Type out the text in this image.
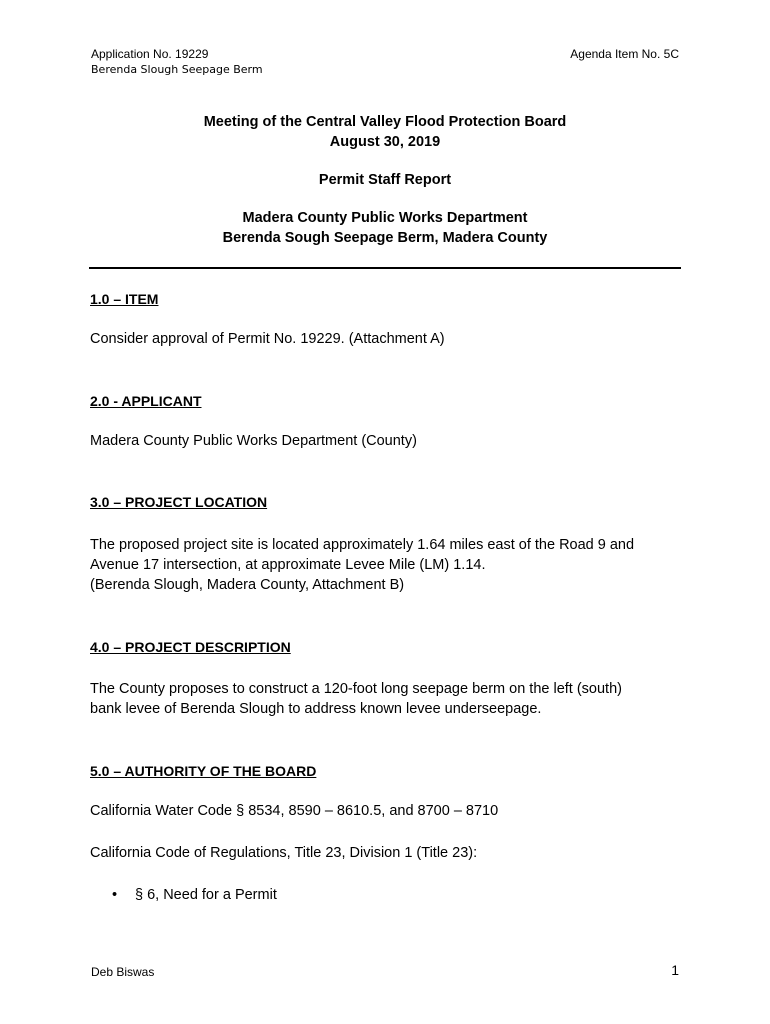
Application No. 19229
Berenda Slough Seepage Berm
Agenda Item No. 5C
Meeting of the Central Valley Flood Protection Board
August 30, 2019
Permit Staff Report
Madera County Public Works Department
Berenda Sough Seepage Berm, Madera County
1.0 – ITEM
Consider approval of Permit No. 19229. (Attachment A)
2.0 - APPLICANT
Madera County Public Works Department (County)
3.0 – PROJECT LOCATION
The proposed project site is located approximately 1.64 miles east of the Road 9 and
Avenue 17 intersection, at approximate Levee Mile (LM) 1.14.
(Berenda Slough, Madera County, Attachment B)
4.0 – PROJECT DESCRIPTION
The County proposes to construct a 120-foot long seepage berm on the left (south)
bank levee of Berenda Slough to address known levee underseepage.
5.0 – AUTHORITY OF THE BOARD
California Water Code § 8534, 8590 – 8610.5, and 8700 – 8710
California Code of Regulations, Title 23, Division 1 (Title 23):
• § 6, Need for a Permit
Deb Biswas	1
